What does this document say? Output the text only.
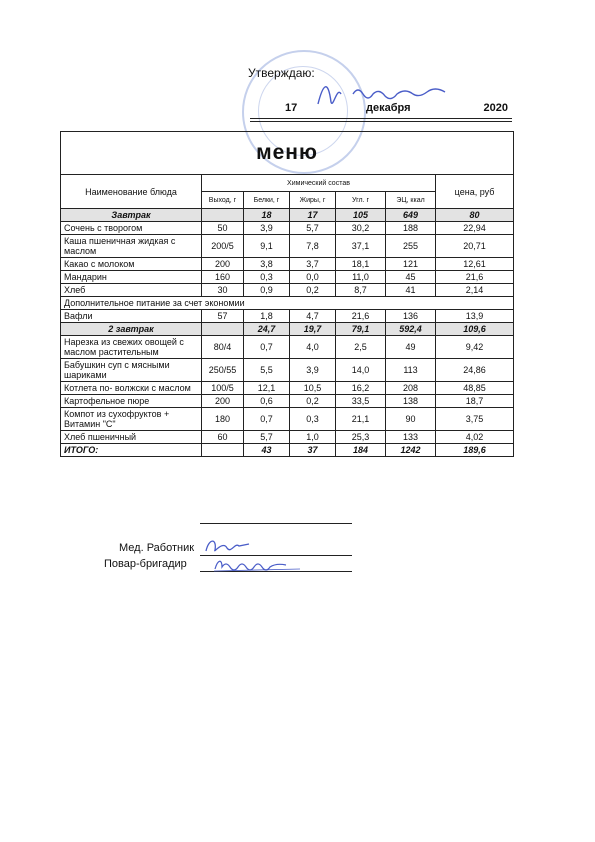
Утверждаю:
17	декабря	2020
меню						
Наименование блюда	Химический состав					цена, руб
	Выход, г	Белки, г	Жиры, г	Угл. г	ЭЦ, ккал	
Завтрак		18	17	105	649	80
Сочень с творогом	50	3,9	5,7	30,2	188	22,94
Каша пшеничная жидкая с маслом	200/5	9,1	7,8	37,1	255	20,71
Какао с молоком	200	3,8	3,7	18,1	121	12,61
Мандарин	160	0,3	0,0	11,0	45	21,6
Хлеб	30	0,9	0,2	8,7	41	2,14
Дополнительное питание за счет экономии						
Вафли	57	1,8	4,7	21,6	136	13,9
2 завтрак		24,7	19,7	79,1	592,4	109,6
Нарезка из свежих овощей с маслом растительным	80/4	0,7	4,0	2,5	49	9,42
Бабушкин суп с мясными шариками	250/55	5,5	3,9	14,0	113	24,86
Котлета по- волжски с маслом	100/5	12,1	10,5	16,2	208	48,85
Картофельное пюре	200	0,6	0,2	33,5	138	18,7
Компот из сухофруктов + Витамин "С"	180	0,7	0,3	21,1	90	3,75
Хлеб пшеничный	60	5,7	1,0	25,3	133	4,02
ИТОГО:		43	37	184	1242	189,6
Мед. Работник
Повар-бригадир
